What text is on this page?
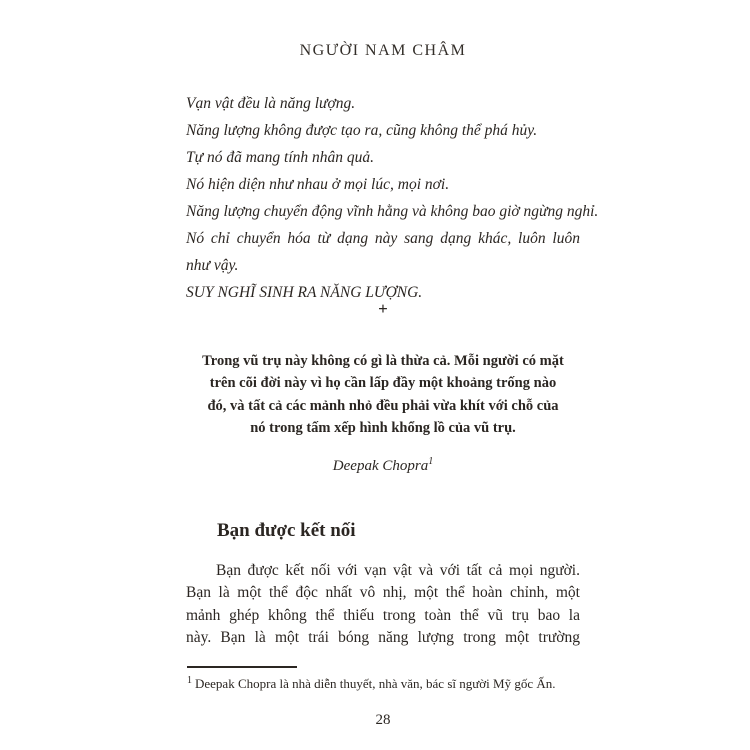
NGƯỜI NAM CHÂM
Vạn vật đều là năng lượng.
Năng lượng không được tạo ra, cũng không thể phá hủy.
Tự nó đã mang tính nhân quả.
Nó hiện diện như nhau ở mọi lúc, mọi nơi.
Năng lượng chuyển động vĩnh hằng và không bao giờ ngừng nghỉ.
Nó chỉ chuyển hóa từ dạng này sang dạng khác, luôn luôn
như vậy.
SUY NGHĨ SINH RA NĂNG LƯỢNG.
+
Trong vũ trụ này không có gì là thừa cả. Mỗi người có mặt
trên cõi đời này vì họ cần lấp đầy một khoảng trống nào
đó, và tất cả các mảnh nhỏ đều phải vừa khít với chỗ của
nó trong tấm xếp hình khổng lồ của vũ trụ.
Deepak Chopra$^1$
Bạn được kết nối
Bạn được kết nối với vạn vật và với tất cả mọi người.
Bạn là một thể độc nhất vô nhị, một thể hoàn chỉnh, một
mảnh ghép không thể thiếu trong toàn thể vũ trụ bao la
này. Bạn là một trái bóng năng lượng trong một trường
$^1$ Deepak Chopra là nhà diễn thuyết, nhà văn, bác sĩ người Mỹ gốc Ấn.
28
